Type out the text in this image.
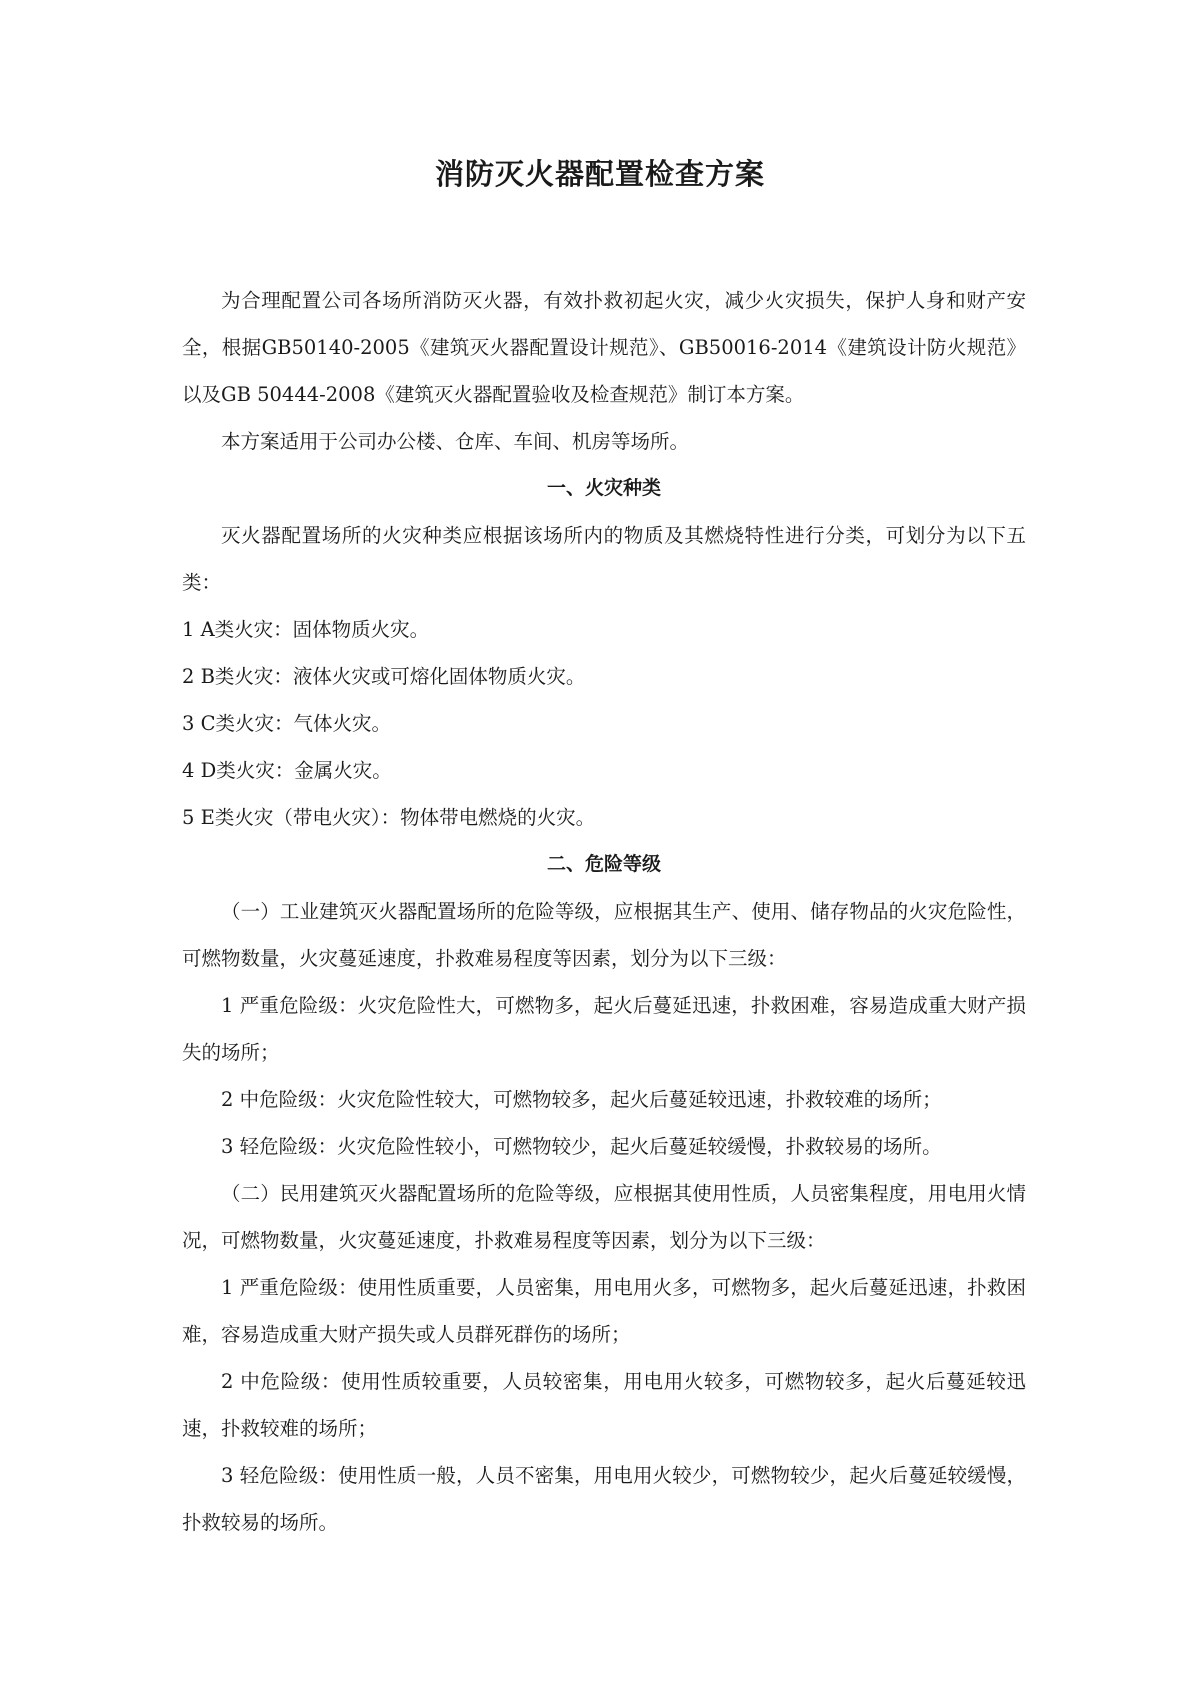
消防灭火器配置检查方案

为合理配置公司各场所消防灭火器，有效扑救初起火灾，减少火灾损失，保护人身和财产安全，根据GB50140-2005《建筑灭火器配置设计规范》、GB50016-2014《建筑设计防火规范》以及GB 50444-2008《建筑灭火器配置验收及检查规范》制订本方案。

本方案适用于公司办公楼、仓库、车间、机房等场所。

一、火灾种类

灭火器配置场所的火灾种类应根据该场所内的物质及其燃烧特性进行分类，可划分为以下五类：

1 A类火灾：固体物质火灾。

2 B类火灾：液体火灾或可熔化固体物质火灾。

3 C类火灾：气体火灾。

4 D类火灾：金属火灾。

5 E类火灾（带电火灾）：物体带电燃烧的火灾。

二、危险等级

（一）工业建筑灭火器配置场所的危险等级，应根据其生产、使用、储存物品的火灾危险性，可燃物数量，火灾蔓延速度，扑救难易程度等因素，划分为以下三级：

1 严重危险级：火灾危险性大，可燃物多，起火后蔓延迅速，扑救困难，容易造成重大财产损失的场所；

2 中危险级：火灾危险性较大，可燃物较多，起火后蔓延较迅速，扑救较难的场所；

3 轻危险级：火灾危险性较小，可燃物较少，起火后蔓延较缓慢，扑救较易的场所。

（二）民用建筑灭火器配置场所的危险等级，应根据其使用性质，人员密集程度，用电用火情况，可燃物数量，火灾蔓延速度，扑救难易程度等因素，划分为以下三级：

1 严重危险级：使用性质重要，人员密集，用电用火多，可燃物多，起火后蔓延迅速，扑救困难，容易造成重大财产损失或人员群死群伤的场所；

2 中危险级：使用性质较重要，人员较密集，用电用火较多，可燃物较多，起火后蔓延较迅速，扑救较难的场所；

3 轻危险级：使用性质一般，人员不密集，用电用火较少，可燃物较少，起火后蔓延较缓慢，扑救较易的场所。
